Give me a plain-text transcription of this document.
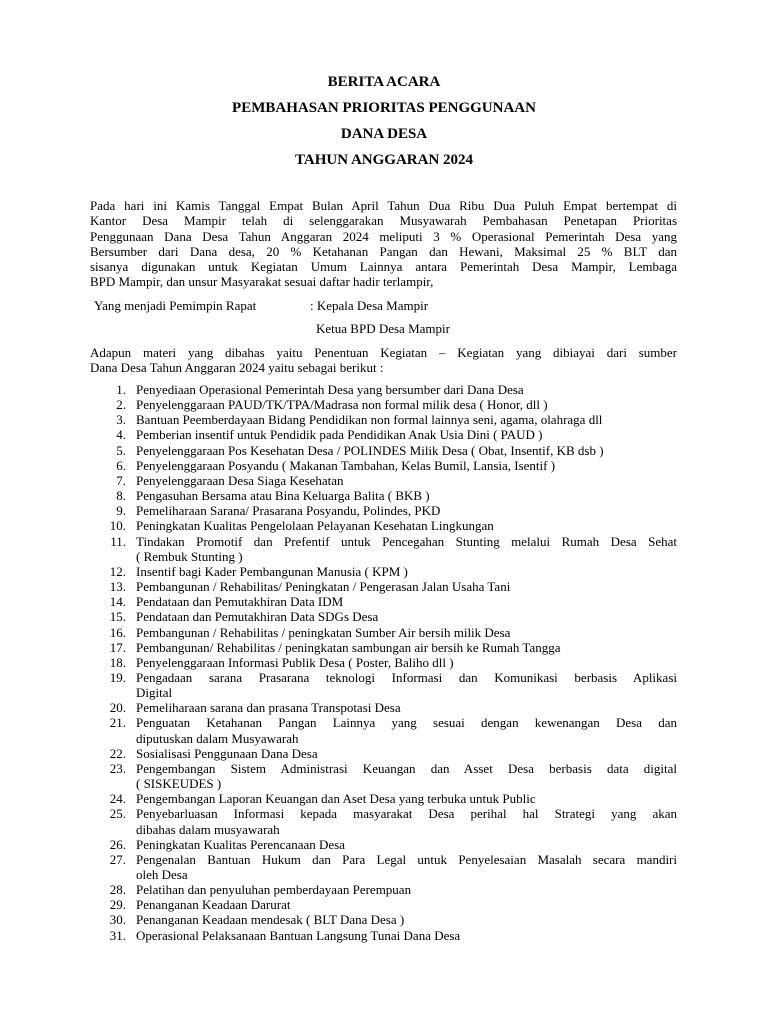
BERITA ACARA
PEMBAHASAN PRIORITAS PENGGUNAAN
DANA DESA
TAHUN ANGGARAN 2024
Pada hari ini Kamis Tanggal Empat Bulan April Tahun Dua Ribu Dua Puluh Empat bertempat di
Kantor Desa Mampir telah di selenggarakan Musyawarah Pembahasan Penetapan Prioritas
Penggunaan Dana Desa Tahun Anggaran 2024 meliputi 3 % Operasional Pemerintah Desa yang
Bersumber dari Dana desa, 20 % Ketahanan Pangan dan Hewani, Maksimal 25 % BLT dan
sisanya digunakan untuk Kegiatan Umum Lainnya antara Pemerintah Desa Mampir, Lembaga
BPD Mampir, dan unsur Masyarakat sesuai daftar hadir terlampir,
Yang menjadi Pemimpin Rapat	: Kepala Desa Mampir
Ketua BPD Desa Mampir
Adapun materi yang dibahas yaitu Penentuan Kegiatan – Kegiatan yang dibiayai dari sumber
Dana Desa Tahun Anggaran 2024 yaitu sebagai berikut :
1. Penyediaan Operasional Pemerintah Desa yang bersumber dari Dana Desa
2. Penyelenggaraan PAUD/TK/TPA/Madrasa non formal milik desa ( Honor, dll )
3. Bantuan Peemberdayaan Bidang Pendidikan non formal lainnya seni, agama, olahraga dll
4. Pemberian insentif untuk Pendidik pada Pendidikan Anak Usia Dini ( PAUD )
5. Penyelenggaraan Pos Kesehatan Desa / POLINDES Milik Desa ( Obat, Insentif, KB dsb )
6. Penyelenggaraan Posyandu ( Makanan Tambahan, Kelas Bumil, Lansia, Isentif )
7. Penyelenggaraan Desa Siaga Kesehatan
8. Pengasuhan Bersama atau Bina Keluarga Balita ( BKB )
9. Pemeliharaan Sarana/ Prasarana Posyandu, Polindes, PKD
10. Peningkatan Kualitas Pengelolaan Pelayanan Kesehatan Lingkungan
11. Tindakan Promotif dan Prefentif untuk Pencegahan Stunting melalui Rumah Desa Sehat
( Rembuk Stunting )
12. Insentif bagi Kader Pembangunan Manusia ( KPM )
13. Pembangunan / Rehabilitas/ Peningkatan / Pengerasan Jalan Usaha Tani
14. Pendataan dan Pemutakhiran Data IDM
15. Pendataan dan Pemutakhiran Data SDGs Desa
16. Pembangunan / Rehabilitas / peningkatan Sumber Air bersih milik Desa
17. Pembangunan/ Rehabilitas / peningkatan sambungan air bersih ke Rumah Tangga
18. Penyelenggaraan Informasi Publik Desa ( Poster, Baliho dll )
19. Pengadaan sarana Prasarana teknologi Informasi dan Komunikasi berbasis Aplikasi
Digital
20. Pemeliharaan sarana dan prasana Transpotasi Desa
21. Penguatan Ketahanan Pangan Lainnya yang sesuai dengan kewenangan Desa dan
diputuskan dalam Musyawarah
22. Sosialisasi Penggunaan Dana Desa
23. Pengembangan Sistem Administrasi Keuangan dan Asset Desa berbasis data digital
( SISKEUDES )
24. Pengembangan Laporan Keuangan dan Aset Desa yang terbuka untuk Public
25. Penyebarluasan Informasi kepada masyarakat Desa perihal hal Strategi yang akan
dibahas dalam musyawarah
26. Peningkatan Kualitas Perencanaan Desa
27. Pengenalan Bantuan Hukum dan Para Legal untuk Penyelesaian Masalah secara mandiri
oleh Desa
28. Pelatihan dan penyuluhan pemberdayaan Perempuan
29. Penanganan Keadaan Darurat
30. Penanganan Keadaan mendesak ( BLT Dana Desa )
31. Operasional Pelaksanaan Bantuan Langsung Tunai Dana Desa
